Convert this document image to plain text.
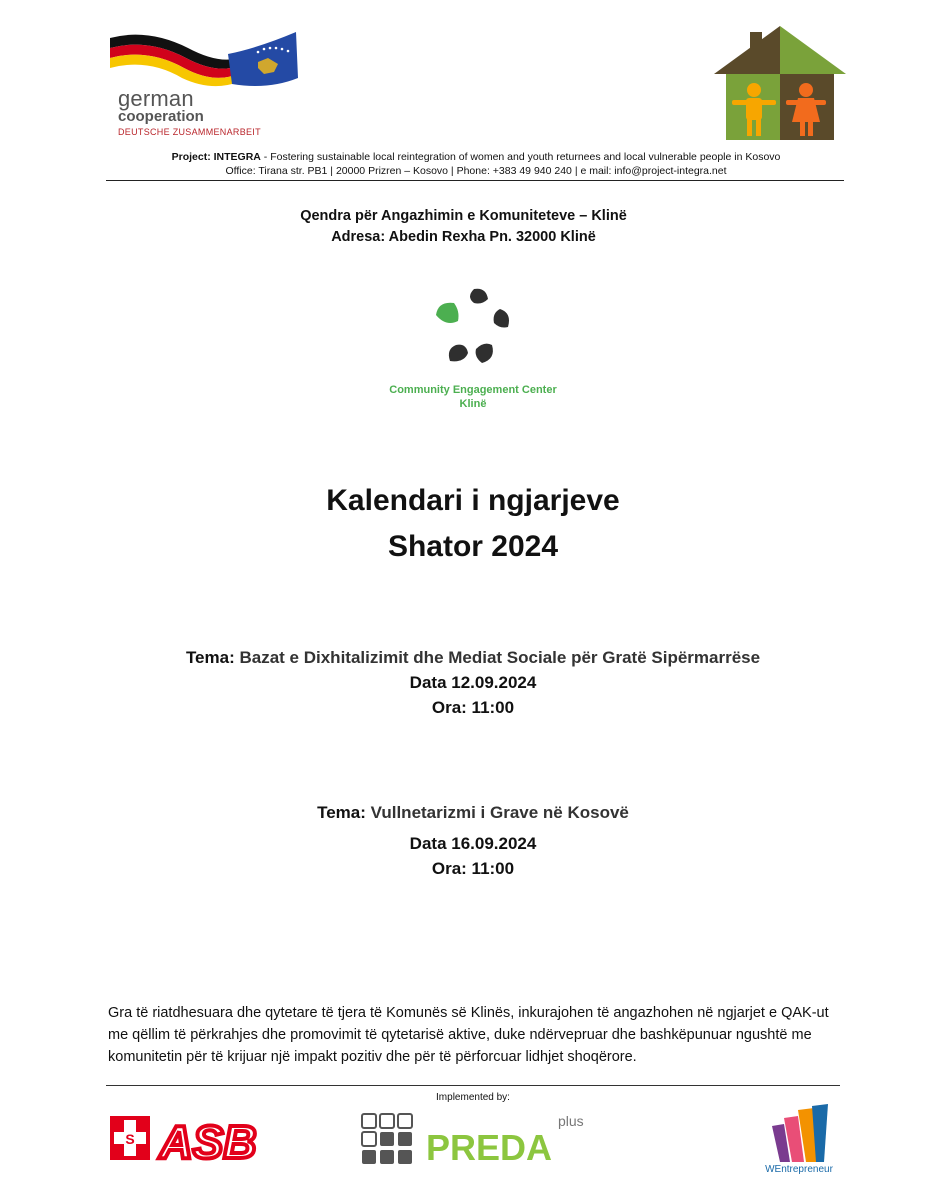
german
cooperation
DEUTSCHE ZUSAMMENARBEIT
Project: INTEGRA - Fostering sustainable local reintegration of women and youth returnees and local vulnerable people in Kosovo
Office: Tirana str. PB1 | 20000 Prizren – Kosovo | Phone: +383 49 940 240 | e mail: info@project-integra.net
Qendra për Angazhimin e Komuniteteve – Klinë
Adresa: Abedin Rexha Pn. 32000 Klinë
Community Engagement Center
Klinë
Kalendari i ngjarjeve
Shator 2024
Tema: Bazat e Dixhitalizimit dhe Mediat Sociale për Gratë Sipërmarrëse
Data 12.09.2024
Ora: 11:00
Tema: Vullnetarizmi i Grave në Kosovë
Data 16.09.2024
Ora: 11:00
Gra të riatdhesuara dhe qytetare të tjera të Komunës së Klinës, inkurajohen të angazhohen në ngjarjet e QAK-ut me qëllim të përkrahjes dhe promovimit të qytetarisë aktive, duke ndërvepruar dhe bashkëpunuar ngushtë me komunitetin për të krijuar një impakt pozitiv dhe për të përforcuar lidhjet shoqërore.
Implemented by:
S ASB	PREDA
plus
WEntrepreneur
